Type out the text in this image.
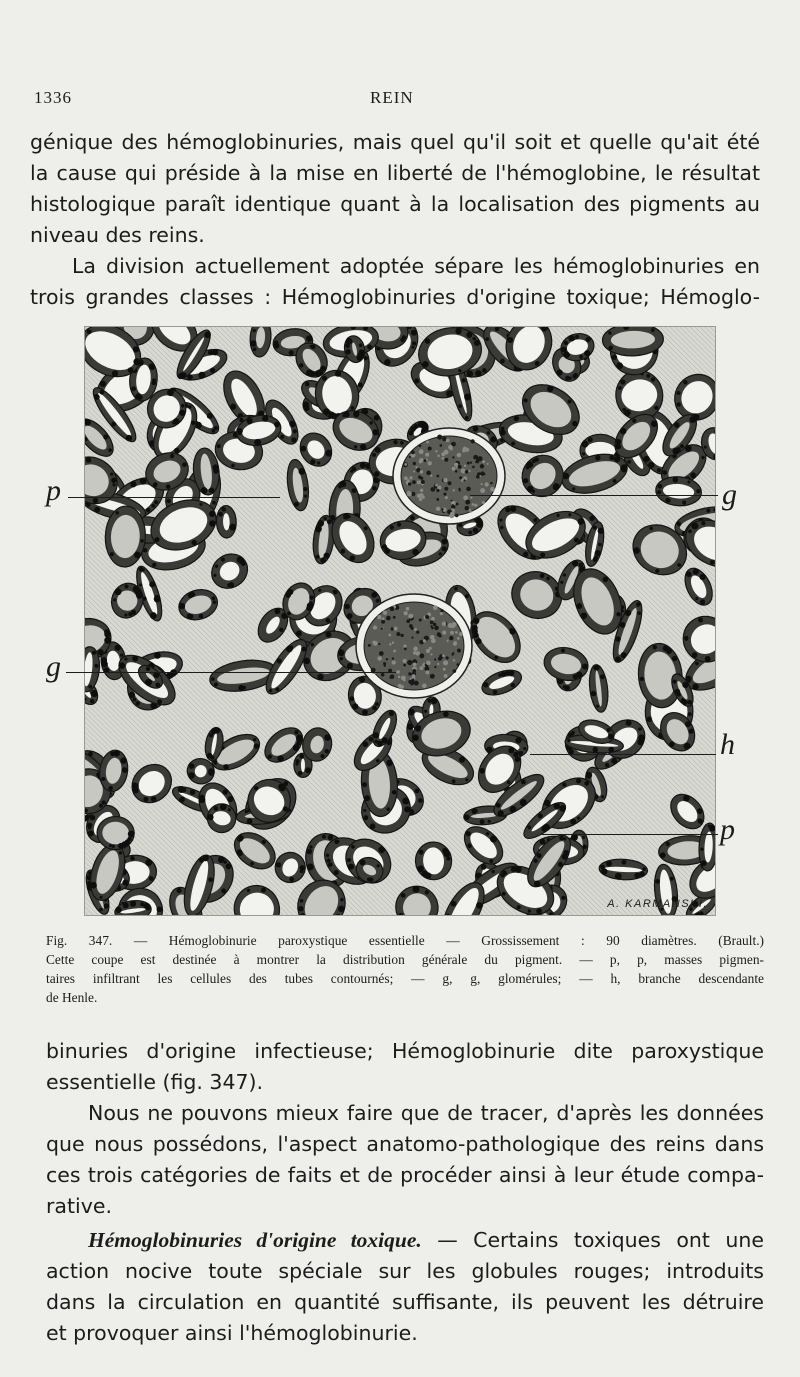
1336	REIN
génique des hémoglobinuries, mais quel qu'il soit et quelle qu'ait été
la cause qui préside à la mise en liberté de l'hémoglobine, le résultat
histologique paraît identique quant à la localisation des pigments au
niveau des reins.
La division actuellement adoptée sépare les hémoglobinuries en
trois grandes classes : Hémoglobinuries d'origine toxique; Hémoglo-
A. KARMANSKI.
p	g
g
h
p
Fig. 347. — Hémoglobinurie paroxystique essentielle — Grossissement : 90 diamètres. (Brault.)
Cette coupe est destinée à montrer la distribution générale du pigment. — p, p, masses pigmen-
taires infiltrant les cellules des tubes contournés; — g, g, glomérules; — h, branche descendante
de Henle.
binuries d'origine infectieuse; Hémoglobinurie dite paroxystique
essentielle (fig. 347).
Nous ne pouvons mieux faire que de tracer, d'après les données
que nous possédons, l'aspect anatomo-pathologique des reins dans
ces trois catégories de faits et de procéder ainsi à leur étude compa-
rative.
Hémoglobinuries d'origine toxique. — Certains toxiques ont une
action nocive toute spéciale sur les globules rouges; introduits
dans la circulation en quantité suffisante, ils peuvent les détruire
et provoquer ainsi l'hémoglobinurie.
